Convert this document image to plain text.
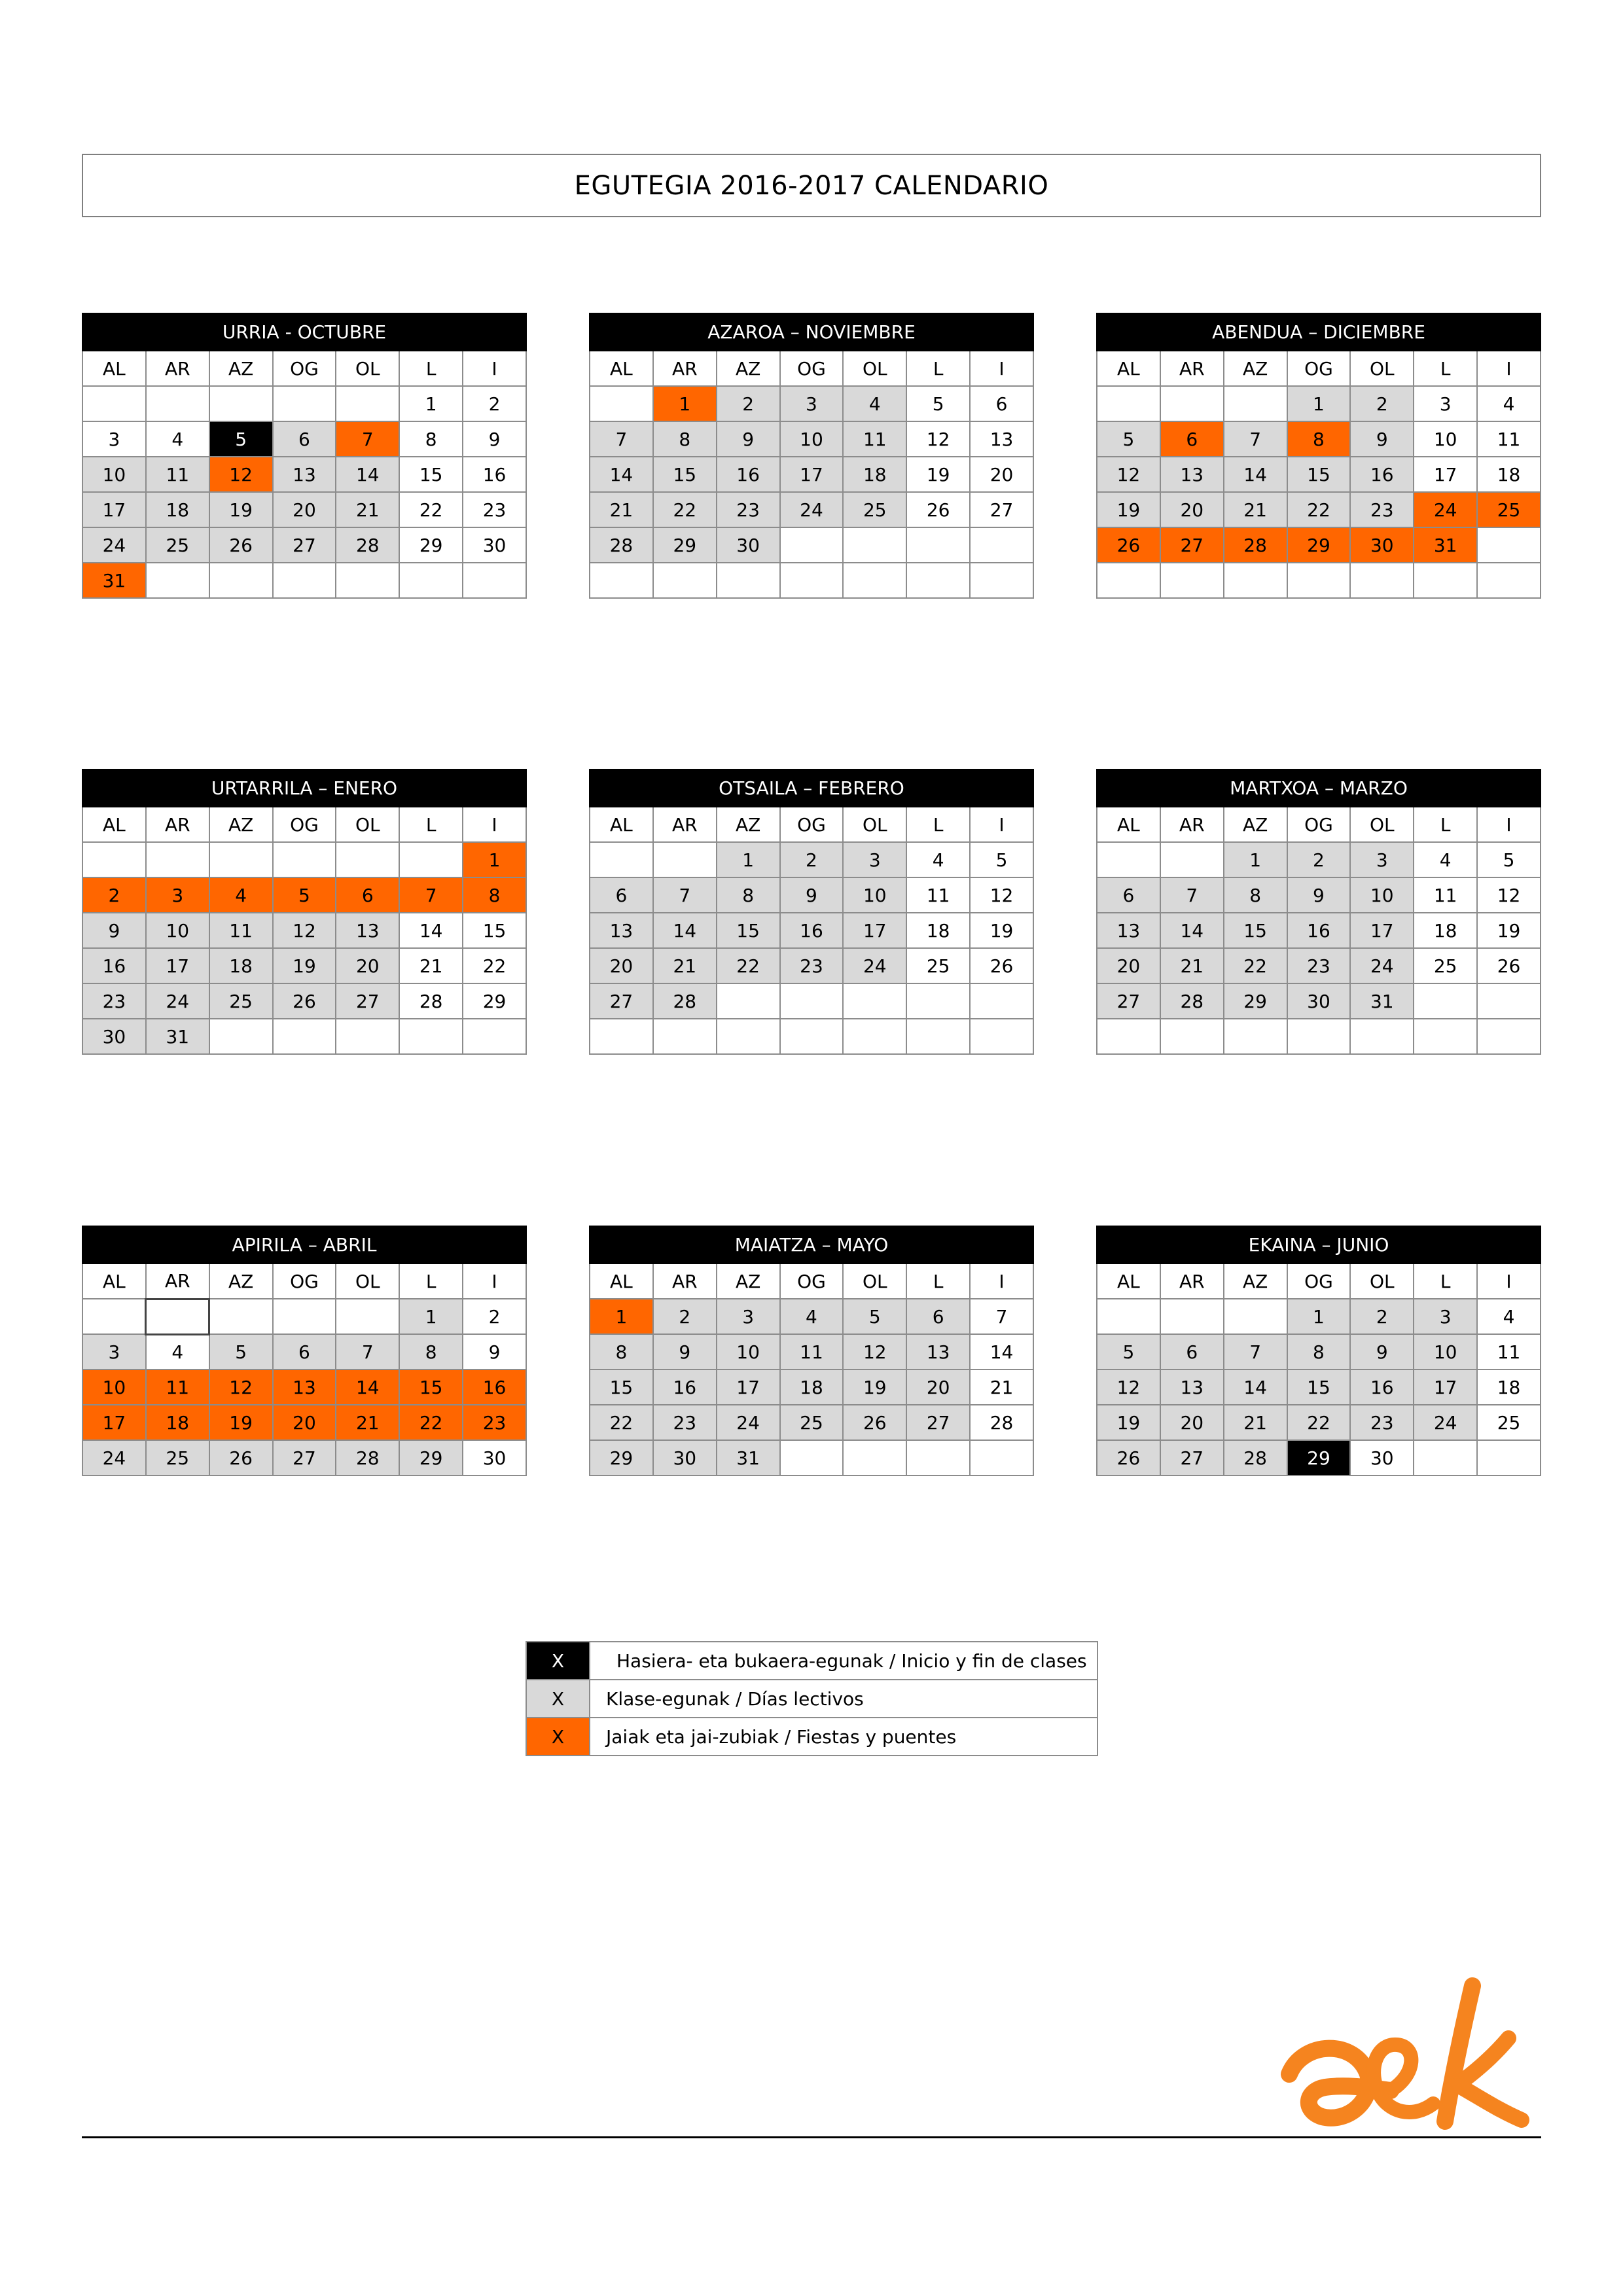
EGUTEGIA 2016-2017 CALENDARIO
URRIA - OCTUBRE						
AL	AR	AZ	OG	OL	L	I
					1	2
3	4	5	6	7	8	9
10	11	12	13	14	15	16
17	18	19	20	21	22	23
24	25	26	27	28	29	30
31						
AZAROA – NOVIEMBRE						
AL	AR	AZ	OG	OL	L	I
	1	2	3	4	5	6
7	8	9	10	11	12	13
14	15	16	17	18	19	20
21	22	23	24	25	26	27
28	29	30				

ABENDUA – DICIEMBRE						
AL	AR	AZ	OG	OL	L	I
			1	2	3	4
5	6	7	8	9	10	11
12	13	14	15	16	17	18
19	20	21	22	23	24	25
26	27	28	29	30	31	

URTARRILA – ENERO						
AL	AR	AZ	OG	OL	L	I
						1
2	3	4	5	6	7	8
9	10	11	12	13	14	15
16	17	18	19	20	21	22
23	24	25	26	27	28	29
30	31					
OTSAILA – FEBRERO						
AL	AR	AZ	OG	OL	L	I
		1	2	3	4	5
6	7	8	9	10	11	12
13	14	15	16	17	18	19
20	21	22	23	24	25	26
27	28					

MARTXOA – MARZO						
AL	AR	AZ	OG	OL	L	I
		1	2	3	4	5
6	7	8	9	10	11	12
13	14	15	16	17	18	19
20	21	22	23	24	25	26
27	28	29	30	31		

APIRILA – ABRIL						
AL	AR	AZ	OG	OL	L	I
					1	2
3	4	5	6	7	8	9
10	11	12	13	14	15	16
17	18	19	20	21	22	23
24	25	26	27	28	29	30
MAIATZA – MAYO						
AL	AR	AZ	OG	OL	L	I
1	2	3	4	5	6	7
8	9	10	11	12	13	14
15	16	17	18	19	20	21
22	23	24	25	26	27	28
29	30	31				
EKAINA – JUNIO						
AL	AR	AZ	OG	OL	L	I
			1	2	3	4
5	6	7	8	9	10	11
12	13	14	15	16	17	18
19	20	21	22	23	24	25
26	27	28	29	30		
X	Hasiera- eta bukaera-egunak / Inicio y fin de clases
X	Klase-egunak / Días lectivos
X	Jaiak eta jai-zubiak / Fiestas y puentes
